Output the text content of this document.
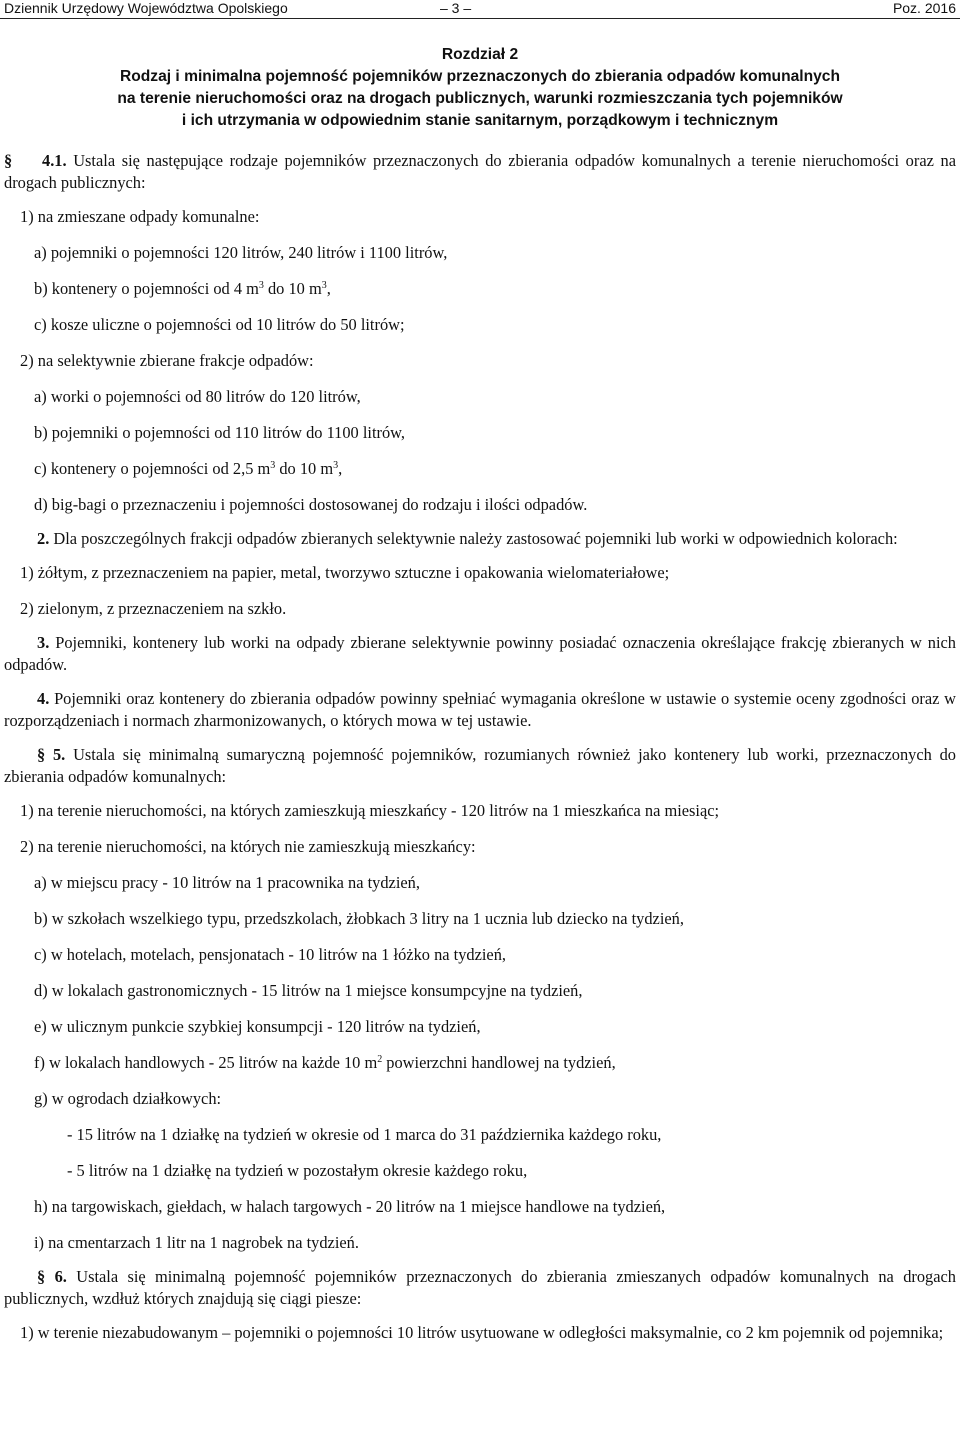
Dziennik Urzędowy Województwa Opolskiego	– 3 –	Poz. 2016
Rozdział 2
Rodzaj i minimalna pojemność pojemników przeznaczonych do zbierania odpadów komunalnych
na terenie nieruchomości oraz na drogach publicznych, warunki rozmieszczania tych pojemników
i ich utrzymania w odpowiednim stanie sanitarnym, porządkowym i technicznym

§ 4.1. Ustala się następujące rodzaje pojemników przeznaczonych do zbierania odpadów komunalnych a terenie nieruchomości oraz na drogach publicznych:

1) na zmieszane odpady komunalne:

a) pojemniki o pojemności 120 litrów, 240 litrów i 1100 litrów,

b) kontenery o pojemności od 4 $m^3$ do 10 $m^3$,

c) kosze uliczne o pojemności od 10 litrów do 50 litrów;

2) na selektywnie zbierane frakcje odpadów:

a) worki o pojemności od 80 litrów do 120 litrów,

b) pojemniki o pojemności od 110 litrów do 1100 litrów,

c) kontenery o pojemności od 2,5 $m^3$ do 10 $m^3$,

d) big-bagi o przeznaczeniu i pojemności dostosowanej do rodzaju i ilości odpadów.

2. Dla poszczególnych frakcji odpadów zbieranych selektywnie należy zastosować pojemniki lub worki w odpowiednich kolorach:

1) żółtym, z przeznaczeniem na papier, metal, tworzywo sztuczne i opakowania wielomateriałowe;

2) zielonym, z przeznaczeniem na szkło.

3. Pojemniki, kontenery lub worki na odpady zbierane selektywnie powinny posiadać oznaczenia określające frakcję zbieranych w nich odpadów.

4. Pojemniki oraz kontenery do zbierania odpadów powinny spełniać wymagania określone w ustawie o systemie oceny zgodności oraz w rozporządzeniach i normach zharmonizowanych, o których mowa w tej ustawie.

§ 5. Ustala się minimalną sumaryczną pojemność pojemników, rozumianych również jako kontenery lub worki, przeznaczonych do zbierania odpadów komunalnych:

1) na terenie nieruchomości, na których zamieszkują mieszkańcy - 120 litrów na 1 mieszkańca na miesiąc;

2) na terenie nieruchomości, na których nie zamieszkują mieszkańcy:

a) w miejscu pracy - 10 litrów na 1 pracownika na tydzień,

b) w szkołach wszelkiego typu, przedszkolach, żłobkach 3 litry na 1 ucznia lub dziecko na tydzień,

c) w hotelach, motelach, pensjonatach - 10 litrów na 1 łóżko na tydzień,

d) w lokalach gastronomicznych - 15 litrów na 1 miejsce konsumpcyjne na tydzień,

e) w ulicznym punkcie szybkiej konsumpcji - 120 litrów na tydzień,

f) w lokalach handlowych - 25 litrów na każde 10 $m^2$ powierzchni handlowej na tydzień,

g) w ogrodach działkowych:

- 15 litrów na 1 działkę na tydzień w okresie od 1 marca do 31 października każdego roku,

- 5 litrów na 1 działkę na tydzień w pozostałym okresie każdego roku,

h) na targowiskach, giełdach, w halach targowych - 20 litrów na 1 miejsce handlowe na tydzień,

i) na cmentarzach 1 litr na 1 nagrobek na tydzień.

§ 6. Ustala się minimalną pojemność pojemników przeznaczonych do zbierania zmieszanych odpadów komunalnych na drogach publicznych, wzdłuż których znajdują się ciągi piesze:

1) w terenie niezabudowanym – pojemniki o pojemności 10 litrów usytuowane w odległości maksymalnie, co 2 km pojemnik od pojemnika;
